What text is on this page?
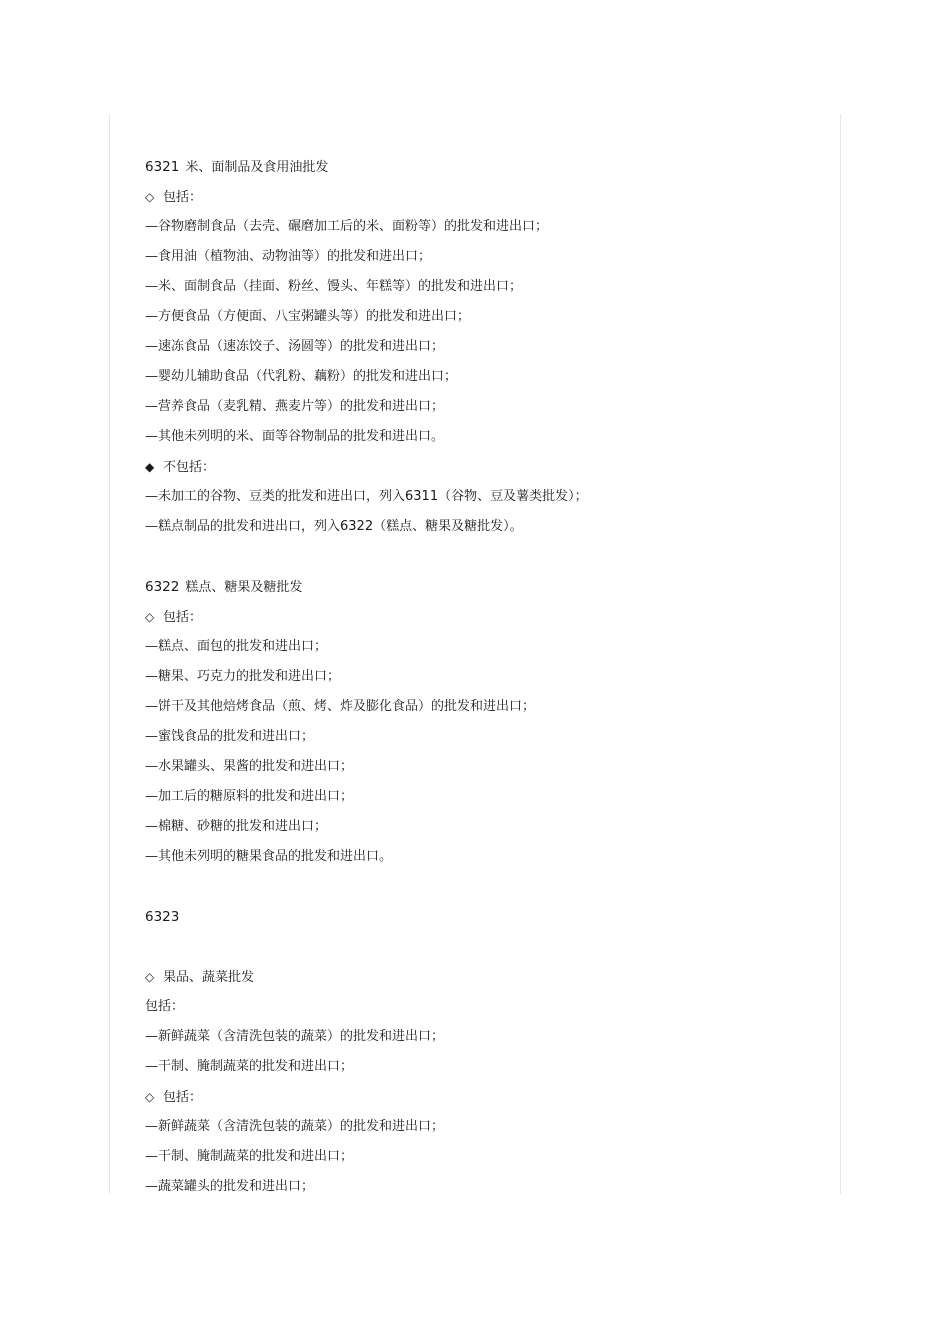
6321 米、面制品及食用油批发
◇ 包括：
—谷物磨制食品（去壳、碾磨加工后的米、面粉等）的批发和进出口；
—食用油（植物油、动物油等）的批发和进出口；
—米、面制食品（挂面、粉丝、馒头、年糕等）的批发和进出口；
—方便食品（方便面、八宝粥罐头等）的批发和进出口；
—速冻食品（速冻饺子、汤圆等）的批发和进出口；
—婴幼儿辅助食品（代乳粉、藕粉）的批发和进出口；
—营养食品（麦乳精、燕麦片等）的批发和进出口；
—其他未列明的米、面等谷物制品的批发和进出口。
◆ 不包括：
—未加工的谷物、豆类的批发和进出口，列入6311（谷物、豆及薯类批发）；
—糕点制品的批发和进出口，列入6322（糕点、糖果及糖批发）。
6322 糕点、糖果及糖批发
◇ 包括：
—糕点、面包的批发和进出口；
—糖果、巧克力的批发和进出口；
—饼干及其他焙烤食品（煎、烤、炸及膨化食品）的批发和进出口；
—蜜饯食品的批发和进出口；
—水果罐头、果酱的批发和进出口；
—加工后的糖原料的批发和进出口；
—棉糖、砂糖的批发和进出口；
—其他未列明的糖果食品的批发和进出口。
6323
◇ 果品、蔬菜批发
包括：
—新鲜蔬菜（含清洗包装的蔬菜）的批发和进出口；
—干制、腌制蔬菜的批发和进出口；
◇ 包括：
—新鲜蔬菜（含清洗包装的蔬菜）的批发和进出口；
—干制、腌制蔬菜的批发和进出口；
—蔬菜罐头的批发和进出口；
